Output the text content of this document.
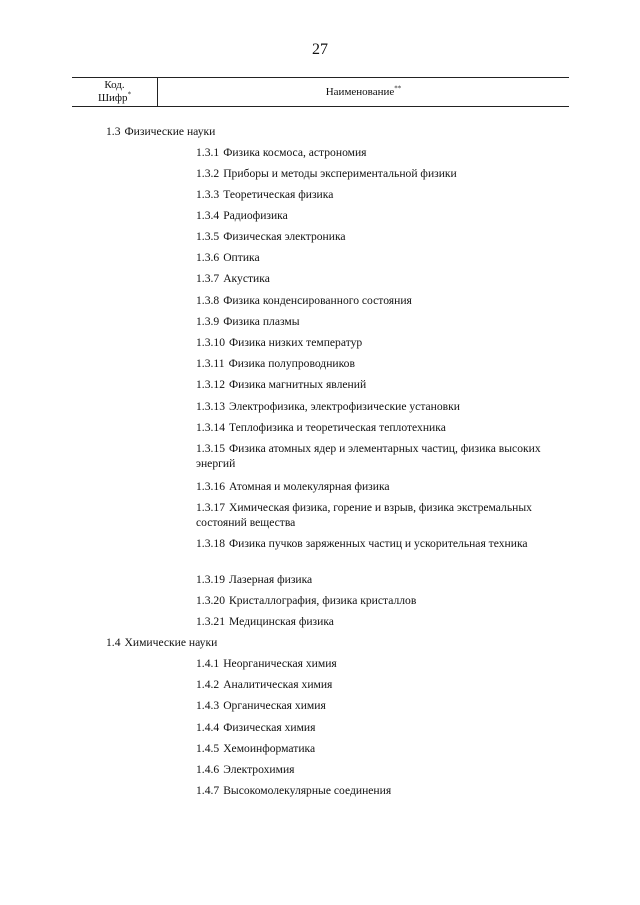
27
Код.
Шифр*	Наименование**
1.3 Физические науки
1.3.1 Физика космоса, астрономия
1.3.2 Приборы и методы экспериментальной физики
1.3.3 Теоретическая физика
1.3.4 Радиофизика
1.3.5 Физическая электроника
1.3.6 Оптика
1.3.7 Акустика
1.3.8 Физика конденсированного состояния
1.3.9 Физика плазмы
1.3.10 Физика низких температур
1.3.11 Физика полупроводников
1.3.12 Физика магнитных явлений
1.3.13 Электрофизика, электрофизические установки
1.3.14 Теплофизика и теоретическая теплотехника
1.3.15 Физика атомных ядер и элементарных частиц, физика высоких энергий
1.3.16 Атомная и молекулярная физика
1.3.17 Химическая физика, горение и взрыв, физика экстремальных состояний вещества
1.3.18 Физика пучков заряженных частиц и ускорительная техника
1.3.19 Лазерная физика
1.3.20 Кристаллография, физика кристаллов
1.3.21 Медицинская физика
1.4 Химические науки
1.4.1 Неорганическая химия
1.4.2 Аналитическая химия
1.4.3 Органическая химия
1.4.4 Физическая химия
1.4.5 Хемоинформатика
1.4.6 Электрохимия
1.4.7 Высокомолекулярные соединения
